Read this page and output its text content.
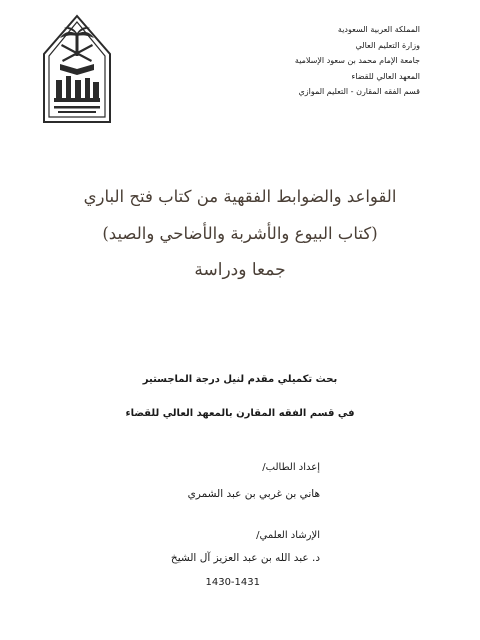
المملكة العربية السعودية
وزارة التعليم العالي
جامعة الإمام محمد بن سعود الإسلامية
المعهد العالي للقضاء
قسم الفقه المقارن - التعليم الموازي
القواعد والضوابط الفقهية من كتاب فتح الباري
(كتاب البيوع والأشربة والأضاحي والصيد)
جمعا ودراسة
بحث تكميلي مقدم لنيل درجة الماجستير
في قسم الفقه المقارن بالمعهد العالي للقضاء
إعداد الطالب/
هاني بن غربي بن عبد الشمري
الإرشاد العلمي/
د. عبد الله بن عبد العزيز آل الشيخ
1430-1431
